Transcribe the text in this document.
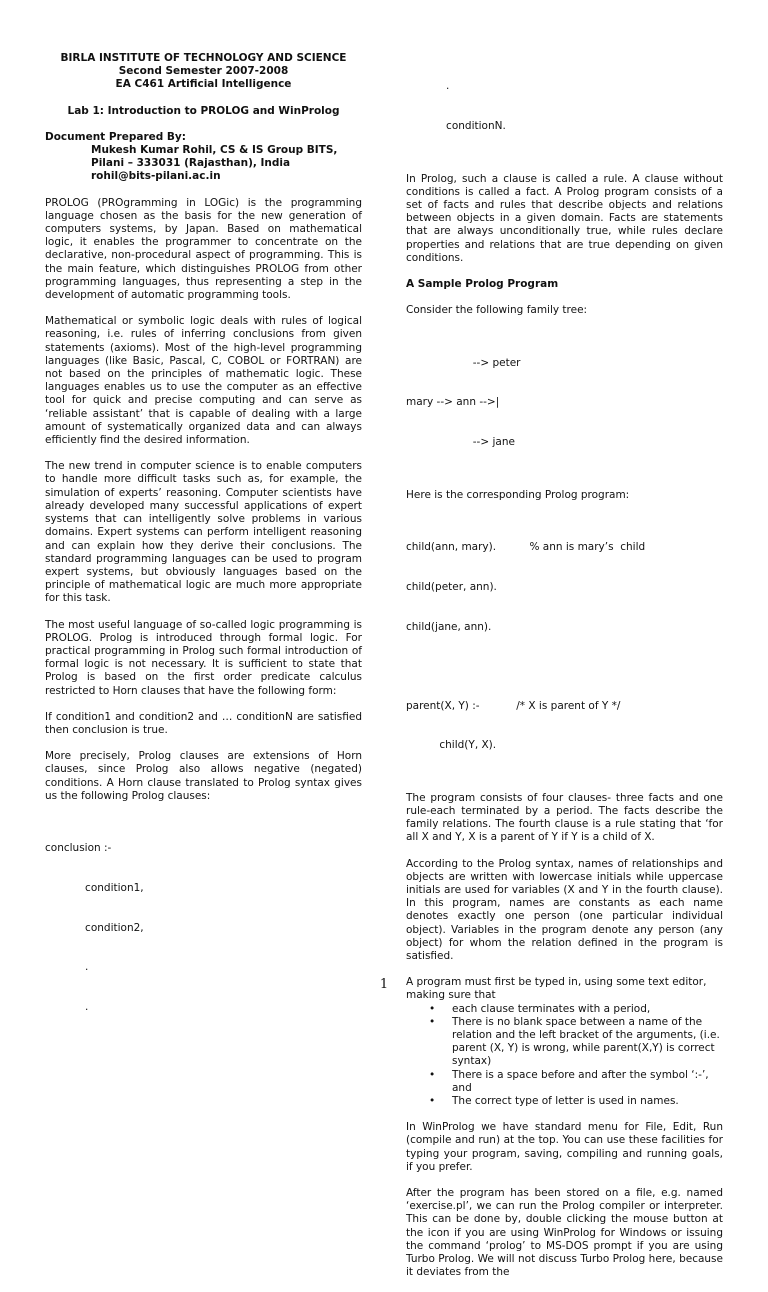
BIRLA INSTITUTE OF TECHNOLOGY AND SCIENCE
Second Semester 2007-2008
EA C461 Artificial Intelligence
Lab 1: Introduction to PROLOG and WinProlog
Document Prepared By:
Mukesh Kumar Rohil, CS & IS Group BITS,
Pilani – 333031 (Rajasthan), India
rohil@bits-pilani.ac.in

PROLOG (PROgramming in LOGic) is the programming language chosen as the basis for the new generation of computers systems, by Japan. Based on mathematical logic, it enables the programmer to concentrate on the declarative, non-procedural aspect of programming. This is the main feature, which distinguishes PROLOG from other programming languages, thus representing a step in the development of automatic programming tools.

Mathematical or symbolic logic deals with rules of logical reasoning, i.e. rules of inferring conclusions from given statements (axioms). Most of the high-level programming languages (like Basic, Pascal, C, COBOL or FORTRAN) are not based on the principles of mathematic logic. These languages enables us to use the computer as an effective tool for quick and precise computing and can serve as ‘reliable assistant’ that is capable of dealing with a large amount of systematically organized data and can always efficiently find the desired information.

The new trend in computer science is to enable computers to handle more difficult tasks such as, for example, the simulation of experts’ reasoning. Computer scientists have already developed many successful applications of expert systems that can intelligently solve problems in various domains. Expert systems can perform intelligent reasoning and can explain how they derive their conclusions. The standard programming languages can be used to program expert systems, but obviously languages based on the principle of mathematical logic are much more appropriate for this task.

The most useful language of so-called logic programming is PROLOG. Prolog is introduced through formal logic. For practical programming in Prolog such formal introduction of formal logic is not necessary. It is sufficient to state that Prolog is based on the first order predicate calculus restricted to Horn clauses that have the following form:

If condition1 and condition2 and … conditionN are satisfied then conclusion is true.

More precisely, Prolog clauses are extensions of Horn clauses, since Prolog also allows negative (negated) conditions. A Horn clause translated to Prolog syntax gives us the following Prolog clauses:

conclusion :-

condition1,

condition2,

.

.

.

conditionN.

In Prolog, such a clause is called a rule. A clause without conditions is called a fact. A Prolog program consists of a set of facts and rules that describe objects and relations between objects in a given domain. Facts are statements that are always unconditionally true, while rules declare properties and relations that are true depending on given conditions.

A Sample Prolog Program

Consider the following family tree:

--> peter

mary --> ann -->|

--> jane

Here is the corresponding Prolog program:

child(ann, mary).          % ann is mary’s  child

child(peter, ann).

child(jane, ann).

parent(X, Y) :-           /* X is parent of Y */

child(Y, X).

The program consists of four clauses- three facts and one rule-each terminated by a period. The facts describe the family relations. The fourth clause is a rule stating that ‘for all X and Y, X is a parent of Y if Y is a child of X.

According to the Prolog syntax, names of relationships and objects are written with lowercase initials while uppercase initials are used for variables (X and Y in the fourth clause). In this program, names are constants as each name denotes exactly one person (one particular individual object). Variables in the program denote any person (any object) for whom the relation defined in the program is satisfied.

A program must first be typed in, using some text editor, making sure that

• each clause terminates with a period,
• There is no blank space between a name of the relation and the left bracket of the arguments, (i.e. parent (X, Y) is wrong, while parent(X,Y) is correct syntax)
• There is a space before and after the symbol ‘:-’, and
• The correct type of letter is used in names.

In WinProlog we have standard menu for File, Edit, Run (compile and run) at the top. You can use these facilities for typing your program, saving, compiling and running goals, if you prefer.

After the program has been stored on a file, e.g. named ‘exercise.pl’, we can run the Prolog compiler or interpreter. This can be done by, double clicking the mouse button at the icon if you are using WinProlog for Windows or issuing the command ‘prolog’ to MS-DOS prompt if you are using Turbo Prolog. We will not discuss Turbo Prolog here, because it deviates from the

1
